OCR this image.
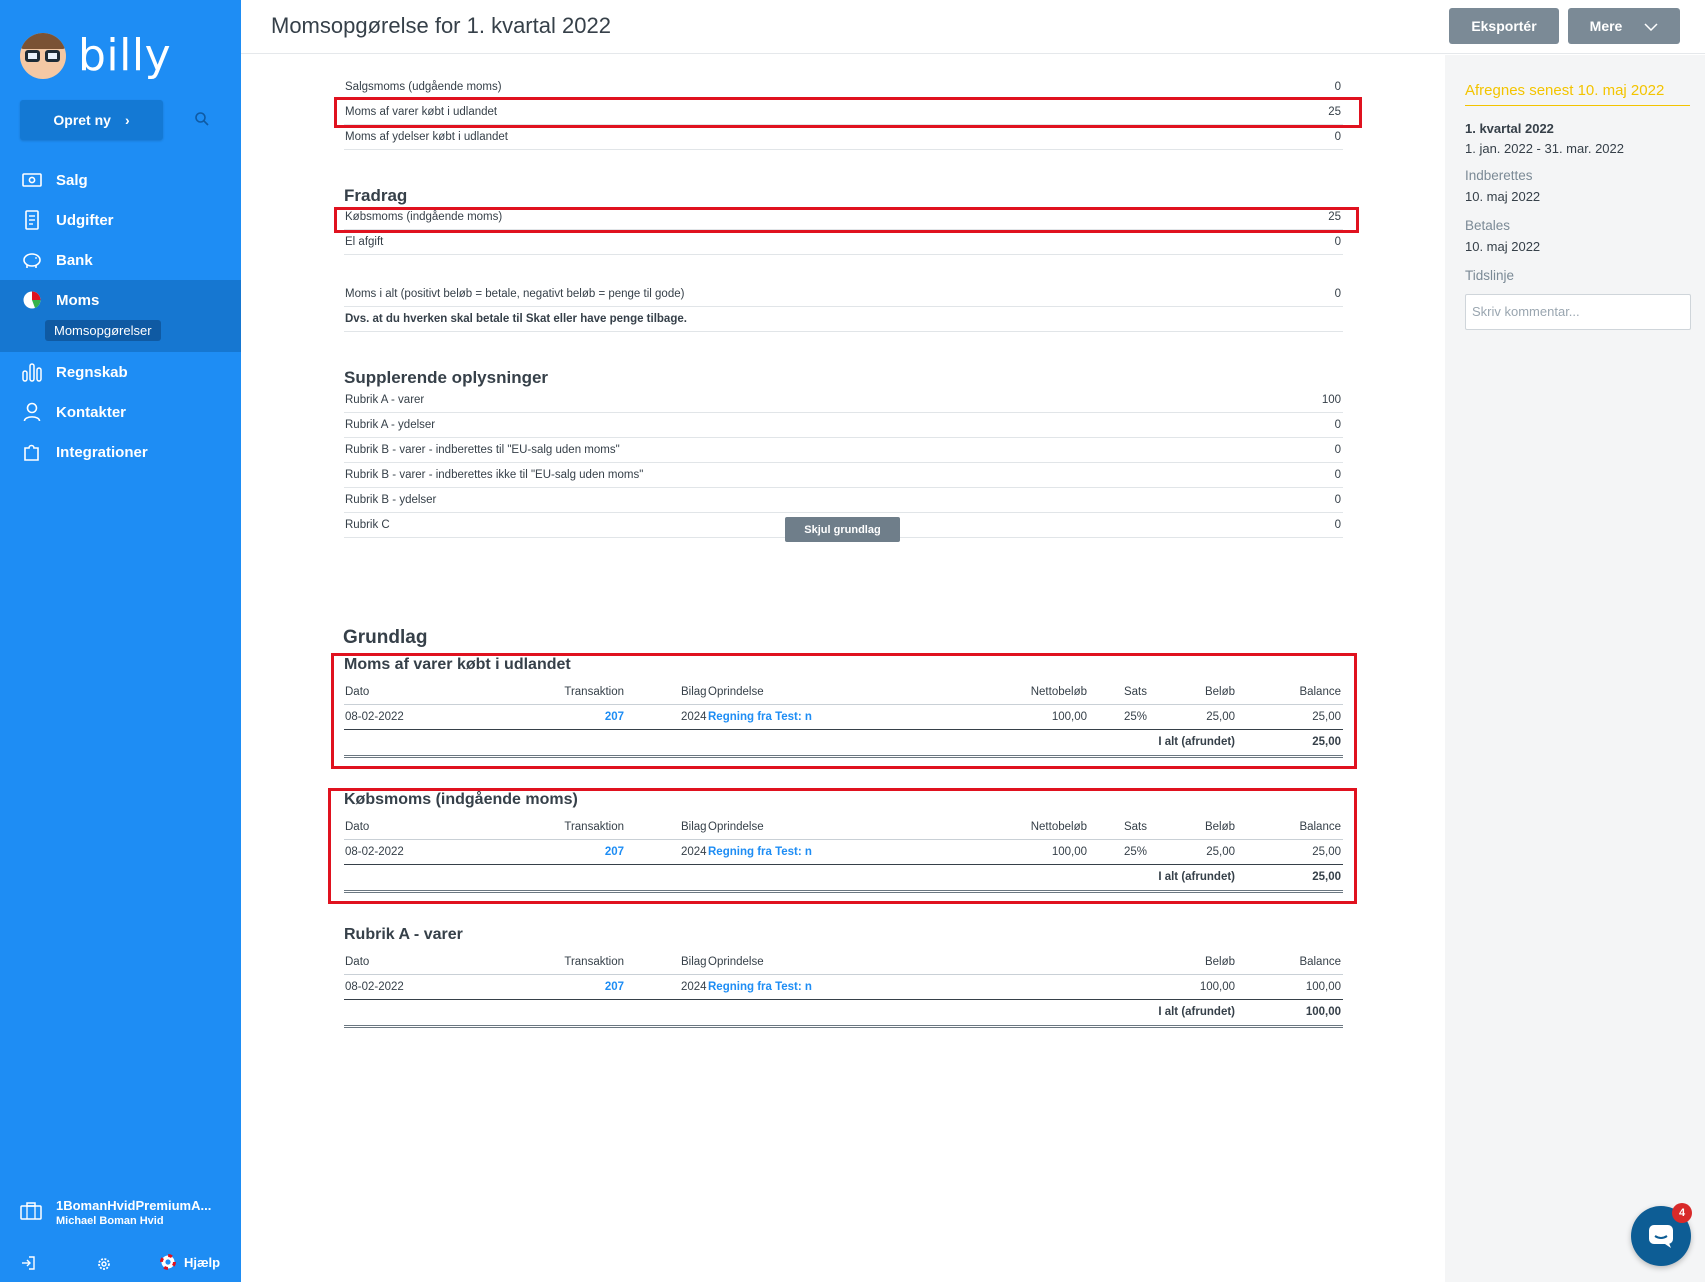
billy
Opret ny ›
Salg
Udgifter
Bank
Moms
Momsopgørelser
Regnskab
Kontakter
Integrationer
1BomanHvidPremiumA...
Michael Boman Hvid
Hjælp
Momsopgørelse for 1. kvartal 2022	Eksportér	Mere
Salgsmoms (udgående moms)	0
Moms af varer købt i udlandet	25
Moms af ydelser købt i udlandet	0
Fradrag
Købsmoms (indgående moms)	25
El afgift	0
Moms i alt (positivt beløb = betale, negativt beløb = penge til gode)	0
Dvs. at du hverken skal betale til Skat eller have penge tilbage.
Supplerende oplysninger
Rubrik A - varer	100
Rubrik A - ydelser	0
Rubrik B - varer - indberettes til "EU-salg uden moms"	0
Rubrik B - varer - indberettes ikke til "EU-salg uden moms"	0
Rubrik B - ydelser	0
Rubrik C	0
Skjul grundlag
Grundlag
Moms af varer købt i udlandet
Dato	Transaktion	Bilag Oprindelse	Nettobeløb	Sats	Beløb	Balance
08-02-2022	207	2024 Regning fra Test: n	100,00	25%	25,00	25,00
I alt (afrundet)	25,00
Købsmoms (indgående moms)
Dato	Transaktion	Bilag Oprindelse	Nettobeløb	Sats	Beløb	Balance
08-02-2022	207	2024 Regning fra Test: n	100,00	25%	25,00	25,00
I alt (afrundet)	25,00
Rubrik A - varer
Dato	Transaktion	Bilag Oprindelse	Beløb	Balance
08-02-2022	207	2024 Regning fra Test: n	100,00	100,00
I alt (afrundet)	100,00
Afregnes senest 10. maj 2022
1. kvartal 2022
1. jan. 2022 - 31. mar. 2022
Indberettes
10. maj 2022
Betales
10. maj 2022
Tidslinje
Skriv kommentar...
4
